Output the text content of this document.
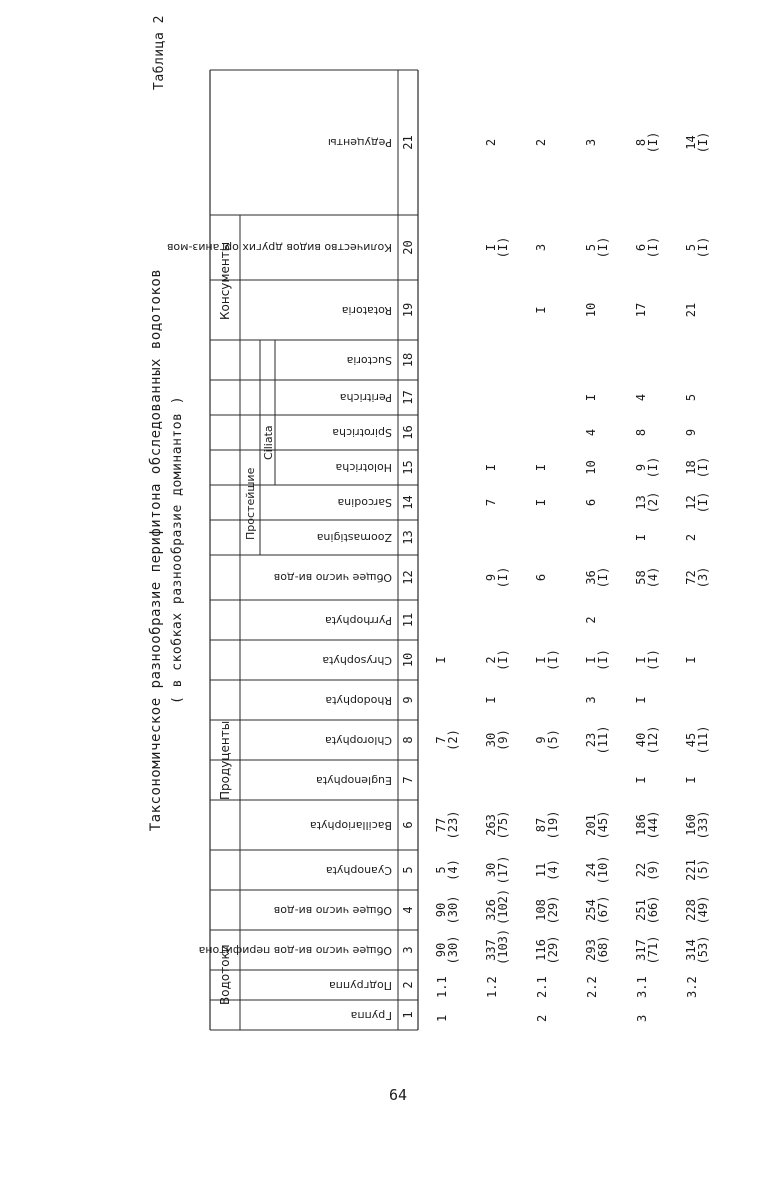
64
Таблица 2
Таксономическое разнообразие перифитона обследованных водотоков ( в скобках разнообразие доминантов )
Водотоки
Продуценты
Консументы
Простейшие
Ciliata
Группа 1
Подгруппа 2
Общее число ви-дов перифитона 3
Общее число ви-дов 4
Cyanophyta 5
Bacillariophyta 6
Euglenophyta 7
Chlorophyta 8
Rhodophyta 9
Chrysophyta 10
Pyrrhophyta 11
Общее число ви-дов 12
Zoomastigina 13
Sarcodina 14
Holotricha 15
Spirotricha 16
Peritricha 17
Suctoria 18
Rotatoria 19
Количество видов других организ-мов 20
Редуценты 21
1
1.1
90
(30)
90
(30)
5
(4)
77
(23)
7
(2)
I
1.2
337
(103)
326
(102)
30
(17)
263
(75)
30
(9)
I
2
(I)
9
(I)
7
I
I
(I)
2
2
2.1
116
(29)
108
(29)
11
(4)
87
(19)
9
(5)
I
(I)
6
I
I
I
3
2
2.2
293
(68)
254
(67)
24
(10)
201
(45)
23
(11)
3
I
(I)
2
36
(I)
6
10
4
I
10
5
(I)
3
3
3.1
317
(71)
251
(66)
22
(9)
186
(44)
I
40
(12)
I
I
(I)
58
(4)
I
13
(2)
9
(I)
8
4
17
6
(I)
8
(I)
3.2
314
(53)
228
(49)
221
(5)
160
(33)
I
45
(11)
I
72
(3)
2
12
(I)
18
(I)
9
5
21
5
(I)
14
(I)
